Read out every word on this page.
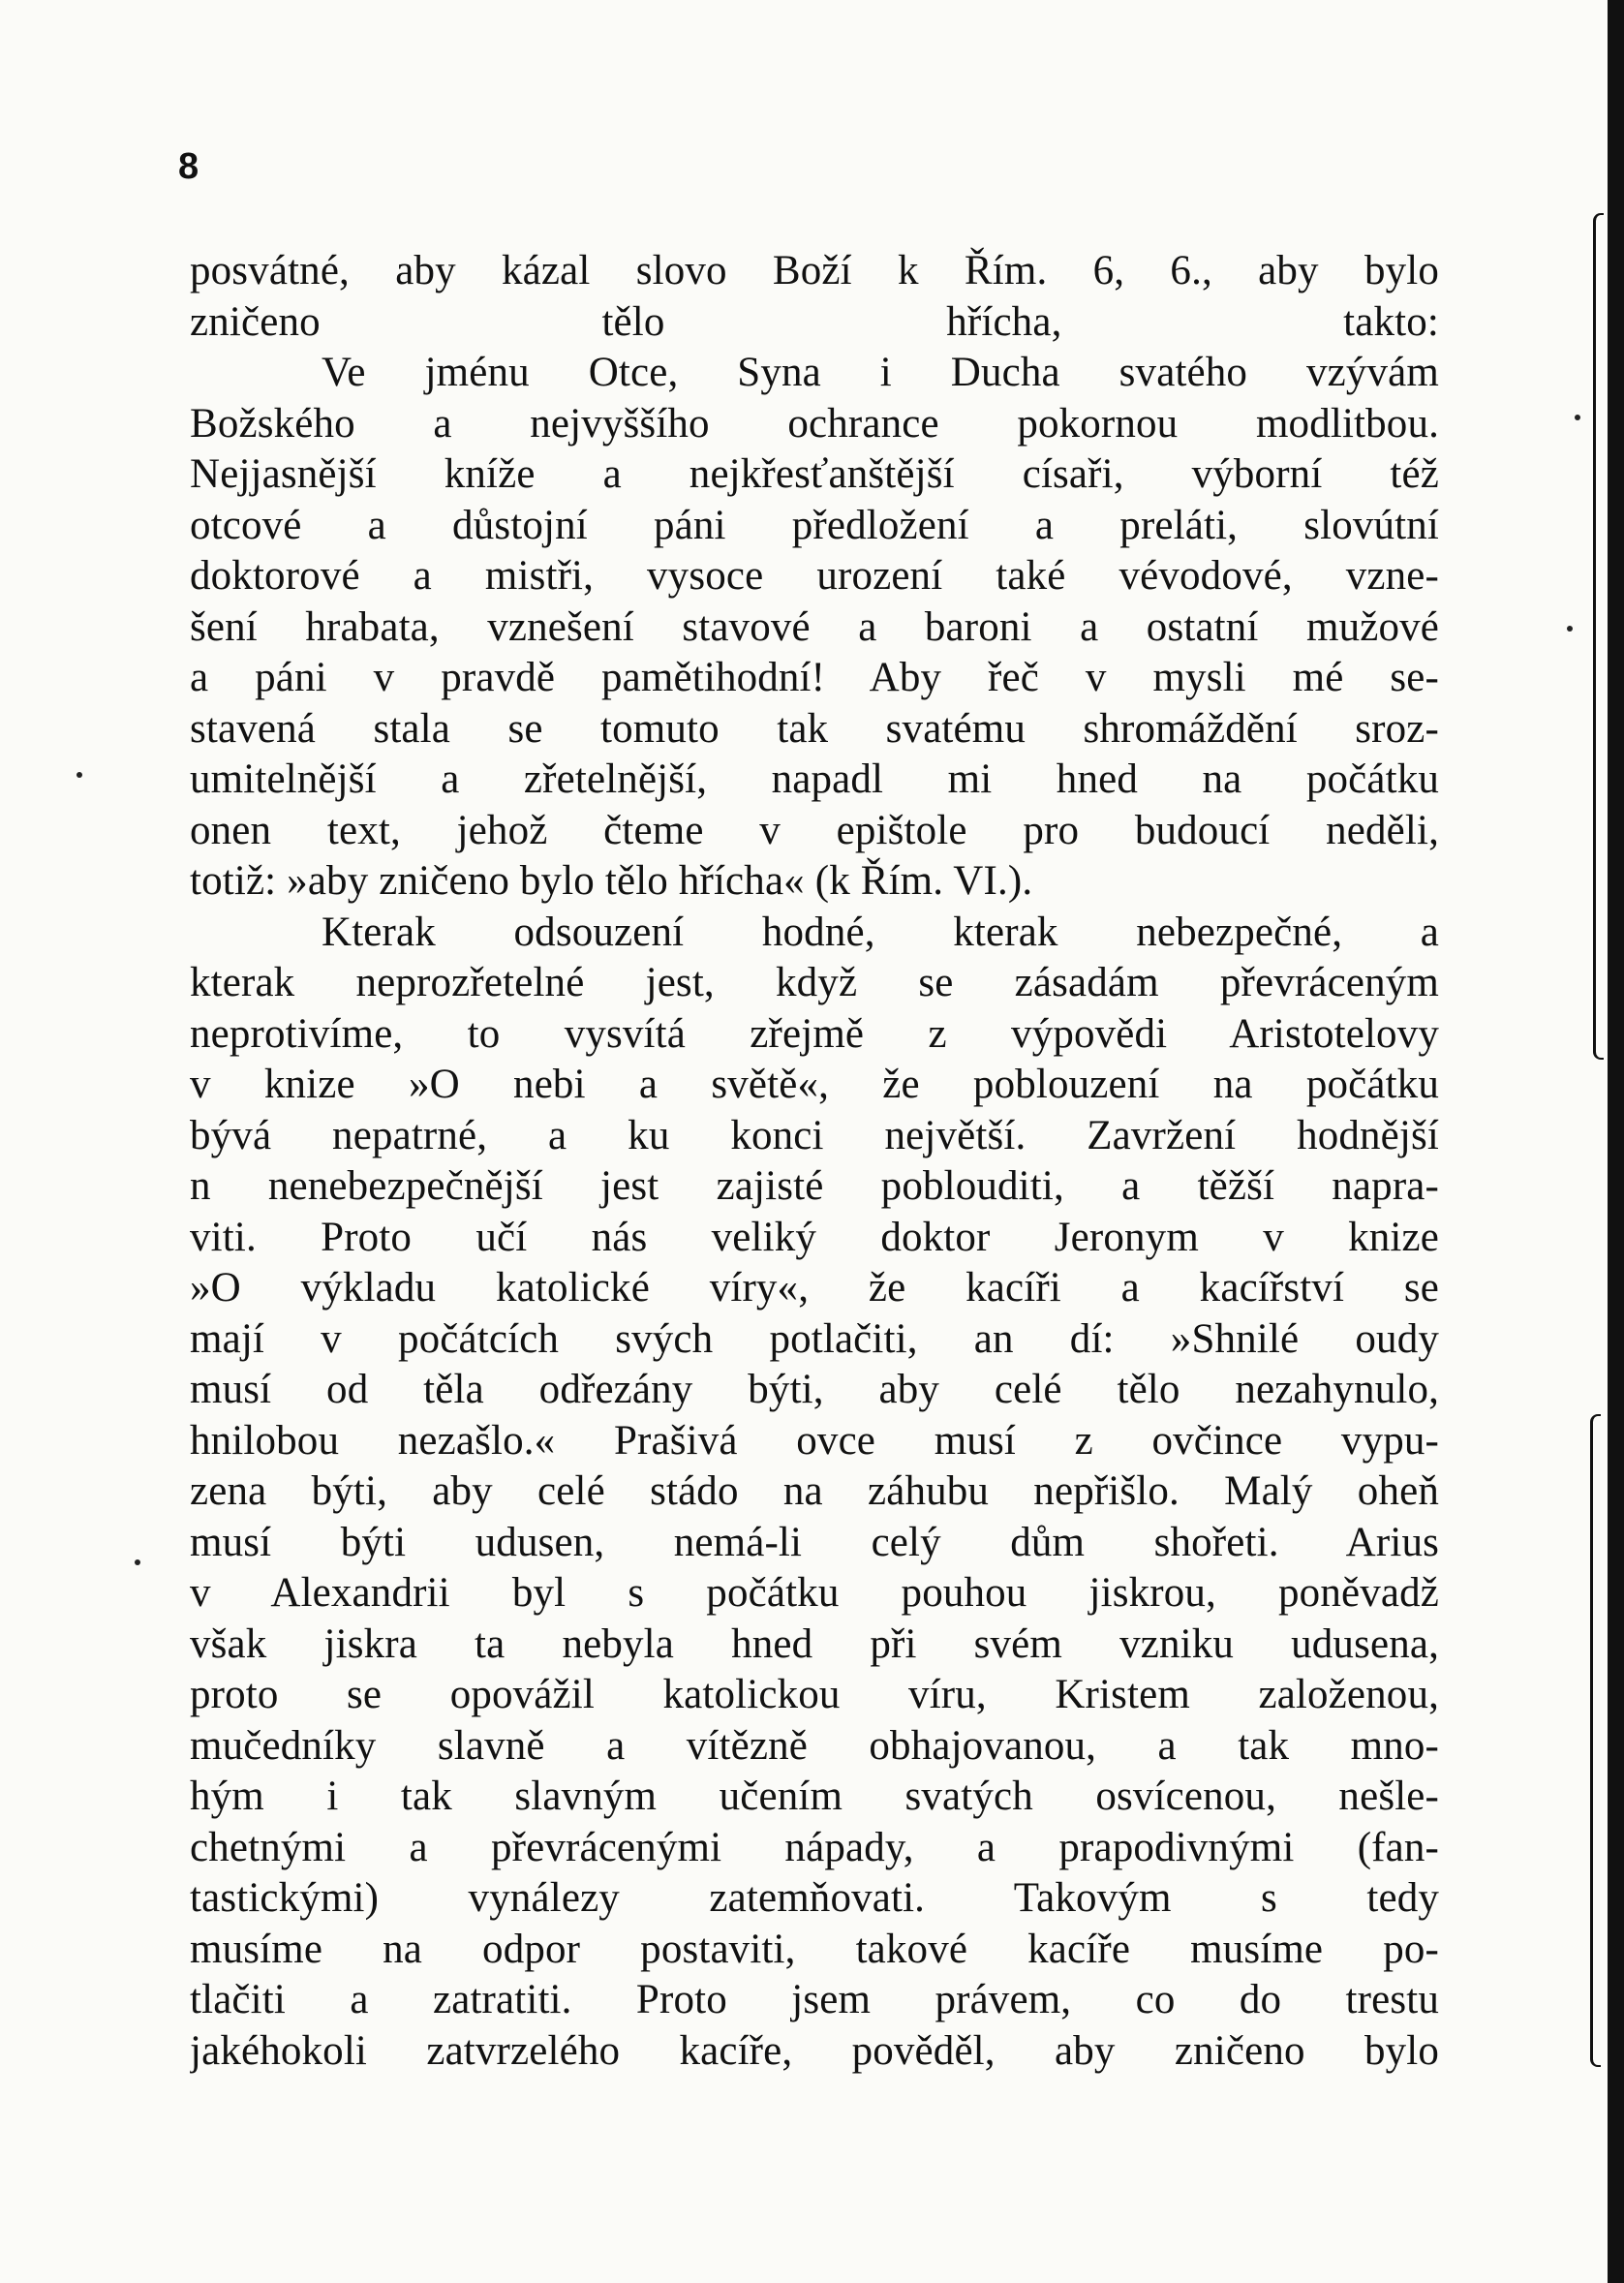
8
posvátné, aby kázal slovo Boží k Řím. 6, 6., aby bylo
zničeno tělo hřícha, takto:
Ve jménu Otce, Syna i Ducha svatého vzývám
Božského a nejvyššího ochrance pokornou modlitbou.
Nejjasnější kníže a nejkřesťanštější císaři, výborní též
otcové a důstojní páni předložení a preláti, slovútní
doktorové a mistři, vysoce urození také vévodové, vzne-
šení hrabata, vznešení stavové a baroni a ostatní mužové
a páni v pravdě pamětihodní! Aby řeč v mysli mé se-
stavená stala se tomuto tak svatému shromáždění sroz-
umitelnější a zřetelnější, napadl mi hned na počátku
onen text, jehož čteme v epištole pro budoucí neděli,
totiž: »aby zničeno bylo tělo hřícha« (k Řím. VI.).
Kterak odsouzení hodné, kterak nebezpečné, a
kterak neprozřetelné jest, když se zásadám převráceným
neprotivíme, to vysvítá zřejmě z výpovědi Aristotelovy
v knize »O nebi a světě«, že poblouzení na počátku
bývá nepatrné, a ku konci největší. Zavržení hodnější
n nenebezpečnější jest zajisté poblouditi, a těžší napra-
viti. Proto učí nás veliký doktor Jeronym v knize
»O výkladu katolické víry«, že kacíři a kacířství se
mají v počátcích svých potlačiti, an dí: »Shnilé oudy
musí od těla odřezány býti, aby celé tělo nezahynulo,
hnilobou nezašlo.« Prašivá ovce musí z ovčince vypu-
zena býti, aby celé stádo na záhubu nepřišlo. Malý oheň
musí býti udusen, nemá-li celý dům shořeti. Arius
v Alexandrii byl s počátku pouhou jiskrou, poněvadž
však jiskra ta nebyla hned při svém vzniku udusena,
proto se opovážil katolickou víru, Kristem založenou,
mučedníky slavně a vítězně obhajovanou, a tak mno-
hým i tak slavným učením svatých osvícenou, nešle-
chetnými a převrácenými nápady, a prapodivnými (fan-
tastickými) vynálezy zatemňovati. Takovým s tedy
musíme na odpor postaviti, takové kacíře musíme po-
tlačiti a zatratiti. Proto jsem právem, co do trestu
jakéhokoli zatvrzelého kacíře, pověděl, aby zničeno bylo
